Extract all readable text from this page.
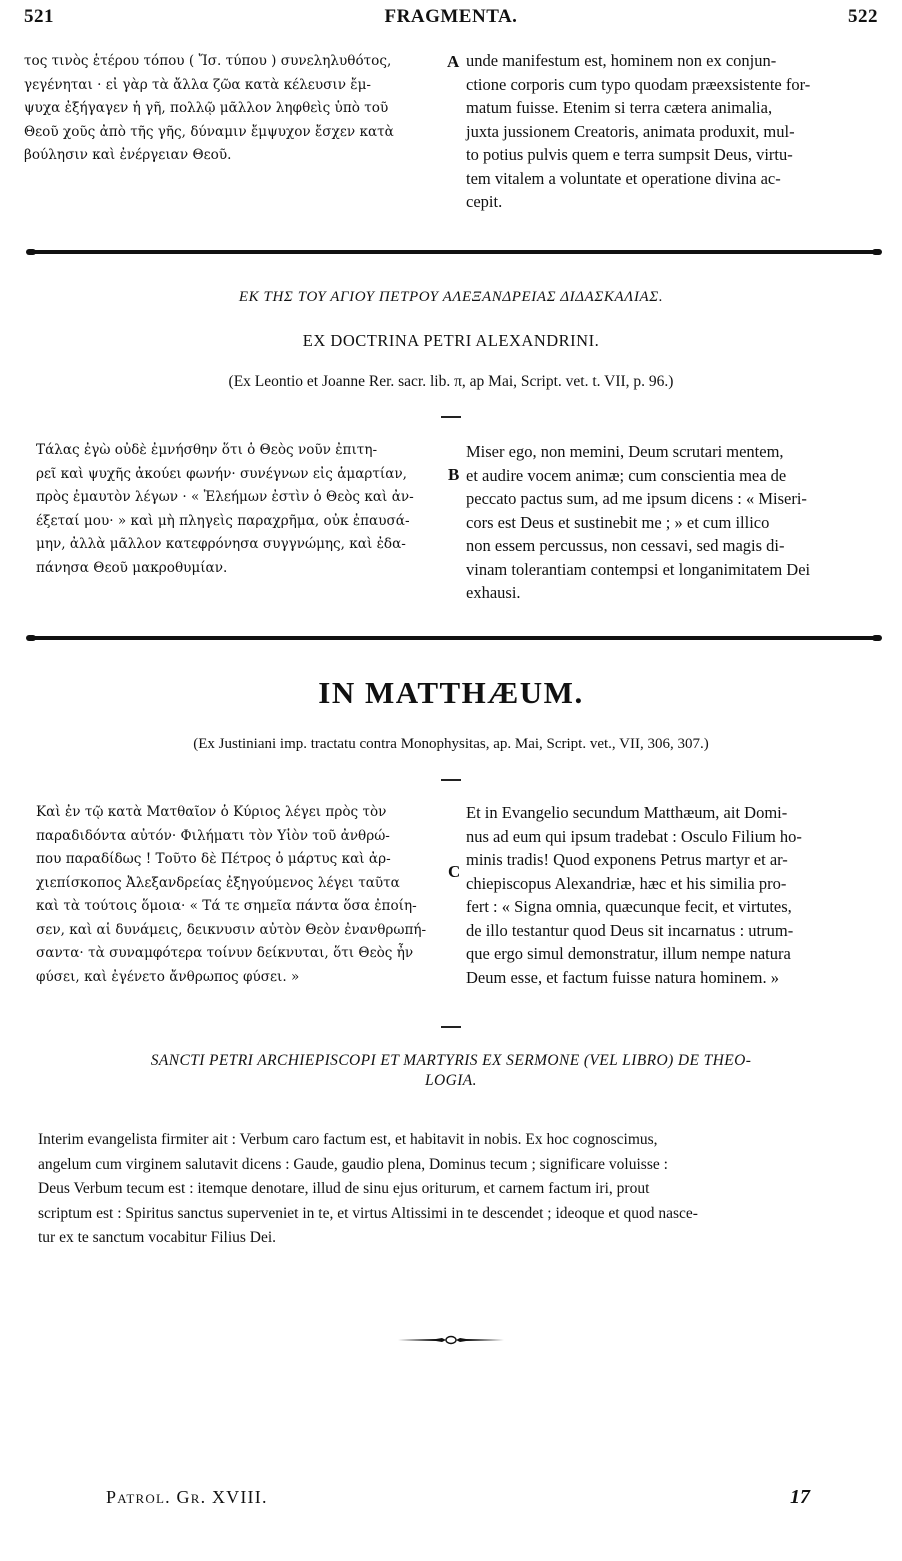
521	FRAGMENTA.	522
τος τινὸς ἑτέρου τόπου ( Ἴσ. τύπου ) συνεληλυθότος,
γεγένηται · εἰ γὰρ τὰ ἄλλα ζῶα κατὰ κέλευσιν ἔμ-
ψυχα ἐξήγαγεν ἡ γῆ, πολλῷ μᾶλλον ληφθεὶς ὑπὸ τοῦ
Θεοῦ χοῦς ἀπὸ τῆς γῆς, δύναμιν ἔμψυχον ἔσχεν κατὰ
βούλησιν καὶ ἐνέργειαν Θεοῦ.
A unde manifestum est, hominem non ex conjun-
ctione corporis cum typo quodam præexsistente for-
matum fuisse. Etenim si terra cætera animalia,
juxta jussionem Creatoris, animata produxit, mul-
to potius pulvis quem e terra sumpsit Deus, virtu-
tem vitalem a voluntate et operatione divina ac-
cepit.
ΕΚ ΤΗΣ ΤΟΥ ΑΓΙΟΥ ΠΕΤΡΟΥ ΑΛΕΞΑΝΔΡΕΙΑΣ ΔΙΔΑΣΚΑΛΙΑΣ.
EX DOCTRINA PETRI ALEXANDRINI.
(Ex Leontio et Joanne Rer. sacr. lib. π, ap Mai, Script. vet. t. VII, p. 96.)
Τάλας ἐγὼ οὐδὲ ἐμνήσθην ὅτι ὁ Θεὸς νοῦν ἐπιτη-
ρεῖ καὶ ψυχῆς ἀκούει φωνήν· συνέγνων εἰς ἁμαρτίαν,
πρὸς ἐμαυτὸν λέγων · « Ἐλεήμων ἐστὶν ὁ Θεὸς καὶ ἀν-
έξεταί μου· » καὶ μὴ πληγεὶς παραχρῆμα, οὐκ ἐπαυσά-
μην, ἀλλὰ μᾶλλον κατεφρόνησα συγγνώμης, καὶ ἐδα-
πάνησα Θεοῦ μακροθυμίαν.
B
Miser ego, non memini, Deum scrutari mentem,
et audire vocem animæ; cum conscientia mea de
peccato pactus sum, ad me ipsum dicens : « Miseri-
cors est Deus et sustinebit me ; » et cum illico
non essem percussus, non cessavi, sed magis di-
vinam tolerantiam contempsi et longanimitatem Dei
exhausi.
IN MATTHÆUM.
(Ex Justiniani imp. tractatu contra Monophysitas, ap. Mai, Script. vet., VII, 306, 307.)
Καὶ ἐν τῷ κατὰ Ματθαῖον ὁ Κύριος λέγει πρὸς τὸν
παραδιδόντα αὐτόν· Φιλήματι τὸν Υἱὸν τοῦ ἀνθρώ-
που παραδίδως ! Τοῦτο δὲ Πέτρος ὁ μάρτυς καὶ ἀρ-
χιεπίσκοπος Ἀλεξανδρείας ἐξηγούμενος λέγει ταῦτα
καὶ τὰ τούτοις ὅμοια· « Τά τε σημεῖα πάντα ὅσα ἐποίη-
σεν, καὶ αἱ δυνάμεις, δεικνυσιν αὐτὸν Θεὸν ἐνανθρωπή-
σαντα· τὰ συναμφότερα τοίνυν δείκνυται, ὅτι Θεὸς ἦν
φύσει, καὶ ἐγένετο ἄνθρωπος φύσει. »
C
Et in Evangelio secundum Matthæum, ait Domi-
nus ad eum qui ipsum tradebat : Osculo Filium ho-
minis tradis! Quod exponens Petrus martyr et ar-
chiepiscopus Alexandriæ, hæc et his similia pro-
fert : « Signa omnia, quæcunque fecit, et virtutes,
de illo testantur quod Deus sit incarnatus : utrum-
que ergo simul demonstratur, illum nempe natura
Deum esse, et factum fuisse natura hominem. »
SANCTI PETRI ARCHIEPISCOPI ET MARTYRIS EX SERMONE (VEL LIBRO) DE THEO-
LOGIA.
Interim evangelista firmiter ait : Verbum caro factum est, et habitavit in nobis. Ex hoc cognoscimus,
angelum cum virginem salutavit dicens : Gaude, gaudio plena, Dominus tecum ; significare voluisse :
Deus Verbum tecum est : itemque denotare, illud de sinu ejus oriturum, et carnem factum iri, prout
scriptum est : Spiritus sanctus superveniet in te, et virtus Altissimi in te descendet ; ideoque et quod nasce-
tur ex te sanctum vocabitur Filius Dei.
Patrol. Gr. XVIII.	17
